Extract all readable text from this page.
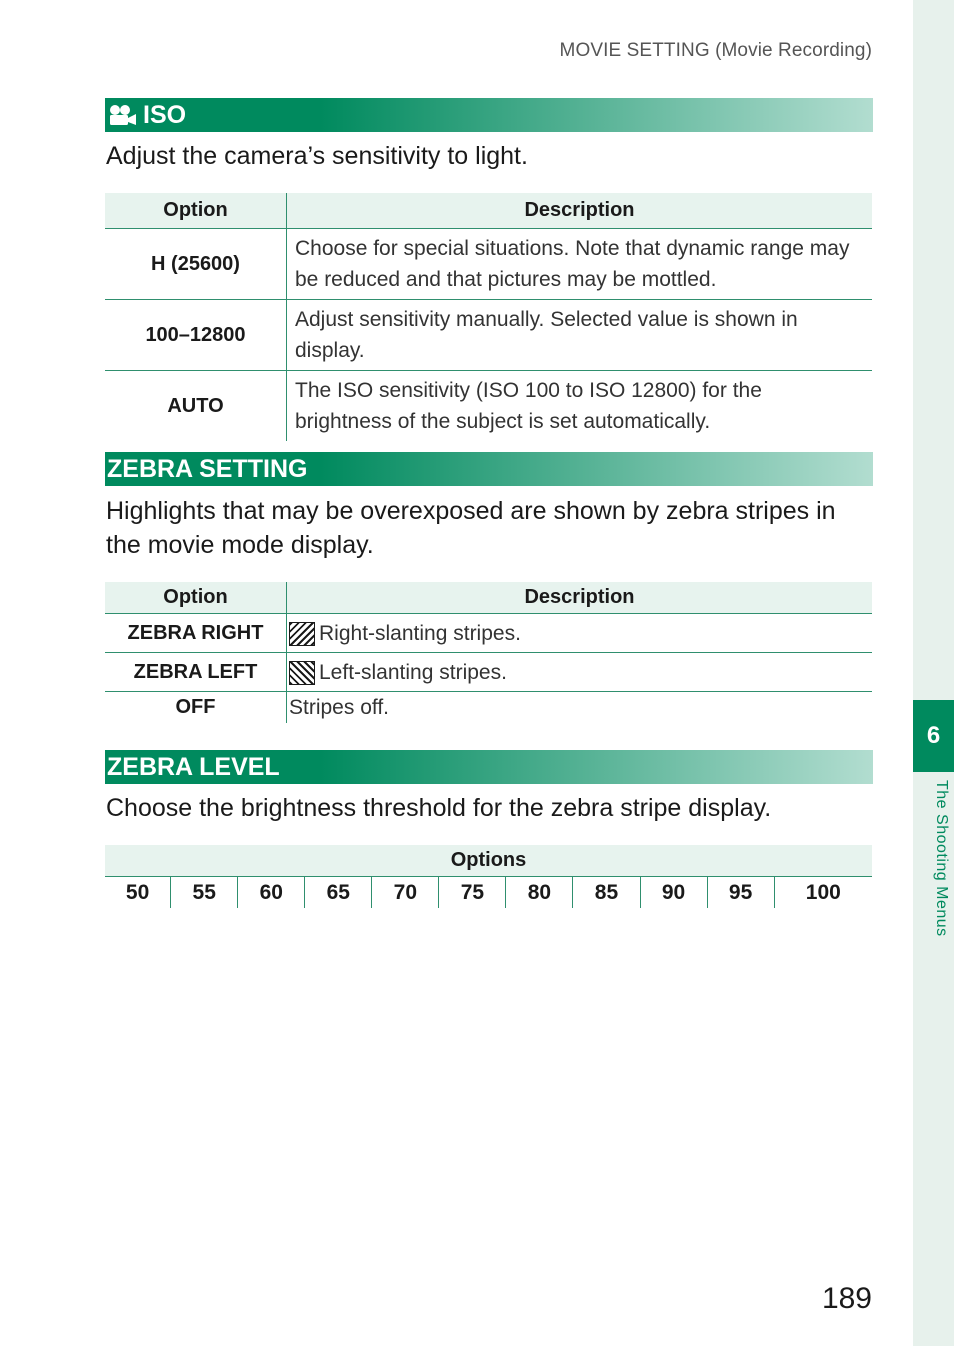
MOVIE SETTING (Movie Recording)
6
The Shooting Menus
ISO
Adjust the camera’s sensitivity to light.
Option	Description
H (25600)	Choose for special situations. Note that dynamic range may be reduced and that pictures may be mottled.
100–12800	Adjust sensitivity manually. Selected value is shown in display.
AUTO	The ISO sensitivity (ISO 100 to ISO 12800) for the brightness of the subject is set automatically.
ZEBRA SETTING
Highlights that may be overexposed are shown by zebra stripes in the movie mode display.
Option	Description
ZEBRA RIGHT	Right-slanting stripes.
ZEBRA LEFT	Left-slanting stripes.
OFF	Stripes off.
ZEBRA LEVEL
Choose the brightness threshold for the zebra stripe display.
Options
50	55	60	65	70	75	80	85	90	95	100
189
